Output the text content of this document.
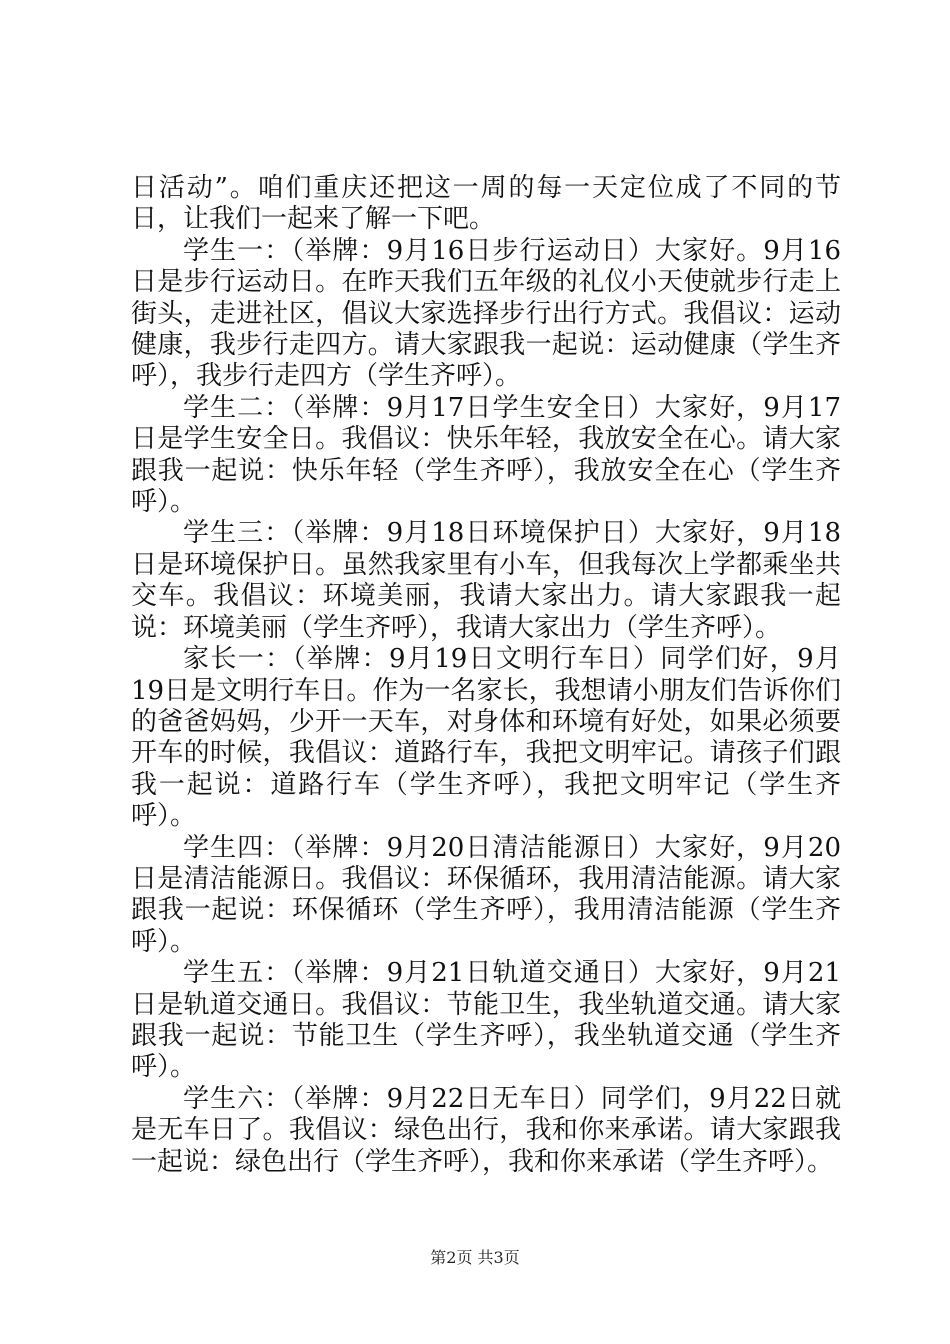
日活动”。咱们重庆还把这一周的每一天定位成了不同的节日，让我们一起来了解一下吧。

学生一：（举牌：9月16日步行运动日）大家好。9月16日是步行运动日。在昨天我们五年级的礼仪小天使就步行走上街头，走进社区，倡议大家选择步行出行方式。我倡议：运动健康，我步行走四方。请大家跟我一起说：运动健康（学生齐呼），我步行走四方（学生齐呼）。

学生二：（举牌：9月17日学生安全日）大家好，9月17日是学生安全日。我倡议：快乐年轻，我放安全在心。请大家跟我一起说：快乐年轻（学生齐呼），我放安全在心（学生齐呼）。

学生三：（举牌：9月18日环境保护日）大家好，9月18日是环境保护日。虽然我家里有小车，但我每次上学都乘坐共交车。我倡议：环境美丽，我请大家出力。请大家跟我一起说：环境美丽（学生齐呼），我请大家出力（学生齐呼）。

家长一：（举牌：9月19日文明行车日）同学们好，9月19日是文明行车日。作为一名家长，我想请小朋友们告诉你们的爸爸妈妈，少开一天车，对身体和环境有好处，如果必须要开车的时候，我倡议：道路行车，我把文明牢记。请孩子们跟我一起说：道路行车（学生齐呼），我把文明牢记（学生齐呼）。

学生四：（举牌：9月20日清洁能源日）大家好，9月20日是清洁能源日。我倡议：环保循环，我用清洁能源。请大家跟我一起说：环保循环（学生齐呼），我用清洁能源（学生齐呼）。

学生五：（举牌：9月21日轨道交通日）大家好，9月21日是轨道交通日。我倡议：节能卫生，我坐轨道交通。请大家跟我一起说：节能卫生（学生齐呼），我坐轨道交通（学生齐呼）。

学生六：（举牌：9月22日无车日）同学们，9月22日就是无车日了。我倡议：绿色出行，我和你来承诺。请大家跟我一起说：绿色出行（学生齐呼），我和你来承诺（学生齐呼）。

第2页 共3页
